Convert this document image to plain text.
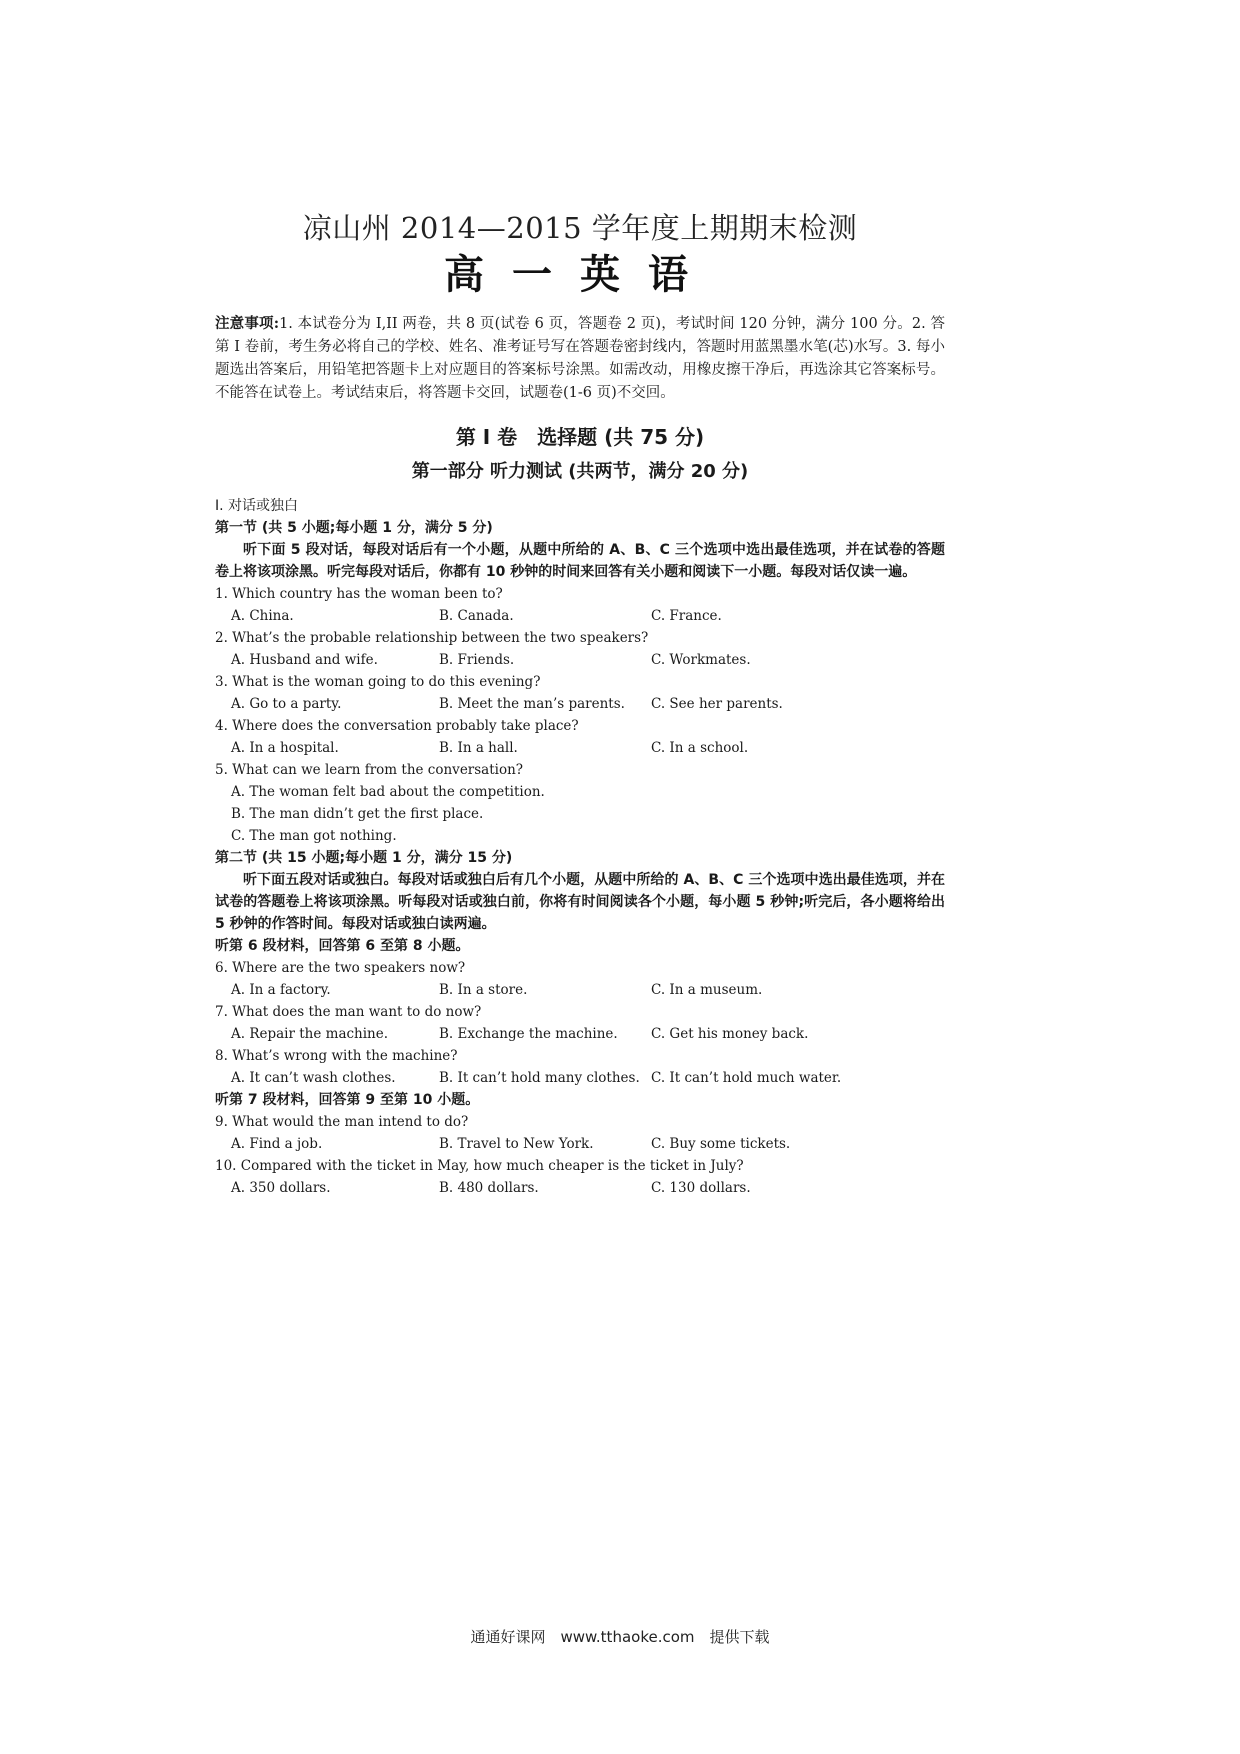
凉山州 2014—2015 学年度上期期末检测

高一英语

注意事项:1. 本试卷分为 I,II 两卷，共 8 页(试卷 6 页，答题卷 2 页)，考试时间 120 分钟，满分 100 分。2. 答第 I 卷前，考生务必将自己的学校、姓名、准考证号写在答题卷密封线内，答题时用蓝黑墨水笔(芯)水写。3. 每小题选出答案后，用铅笔把答题卡上对应题目的答案标号涂黑。如需改动，用橡皮擦干净后，再选涂其它答案标号。不能答在试卷上。考试结束后，将答题卡交回，试题卷(1-6 页)不交回。

第 I 卷　选择题 (共 75 分)

第一部分 听力测试 (共两节，满分 20 分)

I. 对话或独白

第一节 (共 5 小题;每小题 1 分，满分 5 分)

听下面 5 段对话，每段对话后有一个小题，从题中所给的 A、B、C 三个选项中选出最佳选项，并在试卷的答题卷上将该项涂黑。听完每段对话后，你都有 10 秒钟的时间来回答有关小题和阅读下一小题。每段对话仅读一遍。

1. Which country has the woman been to?

A. China.	B. Canada.	C. France.

2. What’s the probable relationship between the two speakers?

A. Husband and wife.	B. Friends.	C. Workmates.

3. What is the woman going to do this evening?

A. Go to a party.	B. Meet the man’s parents.	C. See her parents.

4. Where does the conversation probably take place?

A. In a hospital.	B. In a hall.	C. In a school.

5. What can we learn from the conversation?

A. The woman felt bad about the competition.
B. The man didn’t get the first place.
C. The man got nothing.

第二节 (共 15 小题;每小题 1 分，满分 15 分)

听下面五段对话或独白。每段对话或独白后有几个小题，从题中所给的 A、B、C 三个选项中选出最佳选项，并在试卷的答题卷上将该项涂黑。听每段对话或独白前，你将有时间阅读各个小题，每小题 5 秒钟;听完后，各小题将给出 5 秒钟的作答时间。每段对话或独白读两遍。

听第 6 段材料，回答第 6 至第 8 小题。

6. Where are the two speakers now?

A. In a factory.	B. In a store.	C. In a museum.

7. What does the man want to do now?

A. Repair the machine.	B. Exchange the machine.	C. Get his money back.

8. What’s wrong with the machine?

A. It can’t wash clothes.	B. It can’t hold many clothes. C. It can’t hold much water.

听第 7 段材料，回答第 9 至第 10 小题。

9. What would the man intend to do?

A. Find a job.	B. Travel to New York.	C. Buy some tickets.

10. Compared with the ticket in May, how much cheaper is the ticket in July?

A. 350 dollars.	B. 480 dollars.	C. 130 dollars.
通通好课网　www.tthaoke.com　提供下载
